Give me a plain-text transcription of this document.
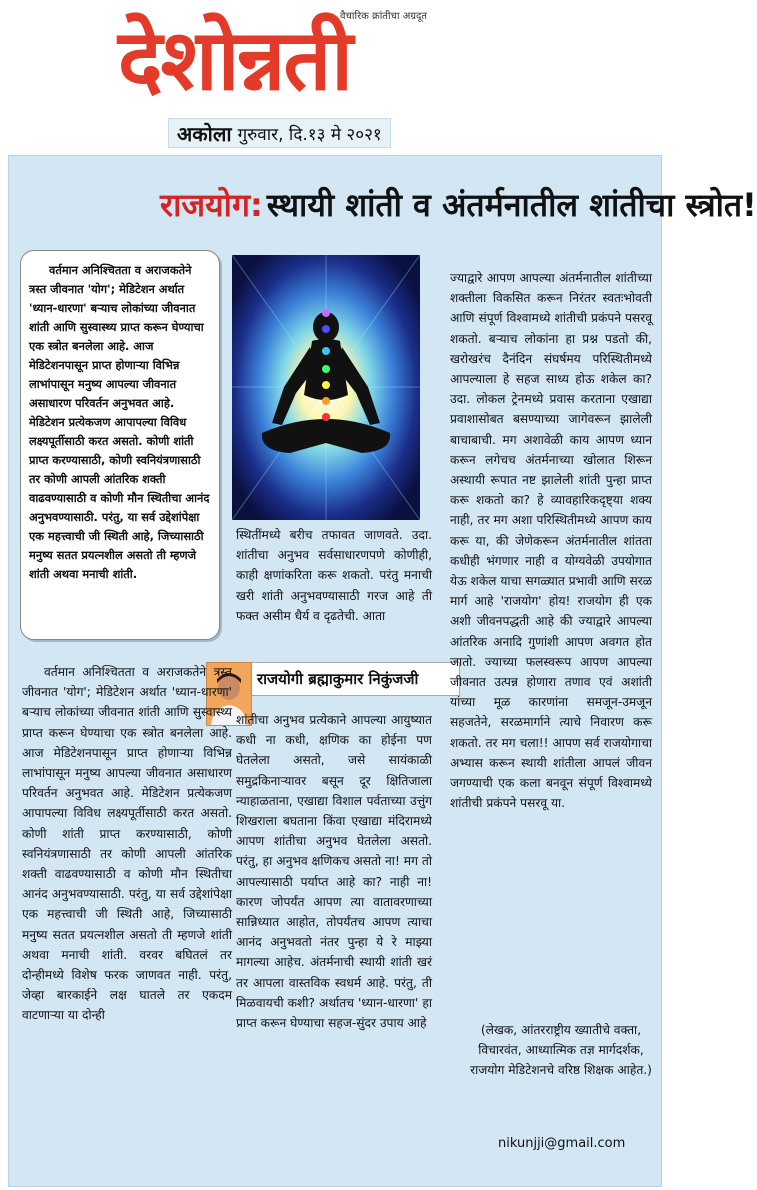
वैचारिक क्रांतीचा अग्रदूत
देशोन्नती
अकोला गुरुवार, दि.१३ मे २०२१
राजयोग: स्थायी शांती व अंतर्मनातील शांतीचा स्त्रोत!
वर्तमान अनिश्चितता व अराजकतेने त्रस्त जीवनात 'योग'; मेडिटेशन अर्थात 'ध्यान-धारणा' बऱ्याच लोकांच्या जीवनात शांती आणि सुस्वास्थ्य प्राप्त करून घेण्याचा एक स्त्रोत बनलेला आहे. आज मेडिटेशनपासून प्राप्त होणाऱ्या विभिन्न लाभांपासून मनुष्य आपल्या जीवनात असाधारण परिवर्तन अनुभवत आहे. मेडिटेशन प्रत्येकजण आपापल्या विविध लक्ष्यपूर्तीसाठी करत असतो. कोणी शांती प्राप्त करण्यासाठी, कोणी स्वनियंत्रणासाठी तर कोणी आपली आंतरिक शक्ती वाढवण्यासाठी व कोणी मौन स्थितीचा आनंद अनुभवण्यासाठी. परंतु, या सर्व उद्देशांपेक्षा एक महत्त्वाची जी स्थिती आहे, जिच्यासाठी मनुष्य सतत प्रयत्नशील असतो ती म्हणजे शांती अथवा मनाची शांती.
राजयोगी ब्रह्माकुमार निकुंजजी
वर्तमान अनिश्चितता व अराजकतेने त्रस्त जीवनात 'योग'; मेडिटेशन अर्थात 'ध्यान-धारणा' बऱ्याच लोकांच्या जीवनात शांती आणि सुस्वास्थ्य प्राप्त करून घेण्याचा एक स्त्रोत बनलेला आहे. आज मेडिटेशनपासून प्राप्त होणाऱ्या विभिन्न लाभांपासून मनुष्य आपल्या जीवनात असाधारण परिवर्तन अनुभवत आहे. मेडिटेशन प्रत्येकजण आपापल्या विविध लक्ष्यपूर्तीसाठी करत असतो. कोणी शांती प्राप्त करण्यासाठी, कोणी स्वनियंत्रणासाठी तर कोणी आपली आंतरिक शक्ती वाढवण्यासाठी व कोणी मौन स्थितीचा आनंद अनुभवण्यासाठी. परंतु, या सर्व उद्देशांपेक्षा एक महत्त्वाची जी स्थिती आहे, जिच्यासाठी मनुष्य सतत प्रयत्नशील असतो ती म्हणजे शांती अथवा मनाची शांती. वरवर बघितलं तर दोन्हीमध्ये विशेष फरक जाणवत नाही. परंतु, जेव्हा बारकाईने लक्ष घातले तर एकदम वाटणाऱ्या या दोन्ही
स्थितींमध्ये बरीच तफावत जाणवते. उदा. शांतीचा अनुभव सर्वसाधारणपणे कोणीही, काही क्षणांकरिता करू शकतो. परंतु मनाची खरी शांती अनुभवण्यासाठी गरज आहे ती फक्त असीम धैर्य व दृढतेची. आता
शांतीचा अनुभव प्रत्येकाने आपल्या आयुष्यात कधी ना कधी, क्षणिक का होईना पण घेतलेला असतो, जसे सायंकाळी समुद्रकिनाऱ्यावर बसून दूर क्षितिजाला न्याहाळताना, एखाद्या विशाल पर्वताच्या उत्तुंग शिखराला बघताना किंवा एखाद्या मंदिरामध्ये आपण शांतीचा अनुभव घेतलेला असतो. परंतु, हा अनुभव क्षणिकच असतो ना! मग तो आपल्यासाठी पर्याप्त आहे का? नाही ना! कारण जोपर्यंत आपण त्या वातावरणाच्या सान्निध्यात आहोत, तोपर्यंतच आपण त्याचा आनंद अनुभवतो नंतर पुन्हा ये रे माझ्या मागल्या आहेच. अंतर्मनाची स्थायी शांती खरं तर आपला वास्तविक स्वधर्म आहे. परंतु, ती मिळवायची कशी? अर्थातच 'ध्यान-धारणा' हा प्राप्त करून घेण्याचा सहज-सुंदर उपाय आहे
ज्याद्वारे आपण आपल्या अंतर्मनातील शांतीच्या शक्तीला विकसित करून निरंतर स्वतःभोवती आणि संपूर्ण विश्वामध्ये शांतीची प्रकंपने पसरवू शकतो. बऱ्याच लोकांना हा प्रश्न पडतो की, खरोखरंच दैनंदिन संघर्षमय परिस्थितीमध्ये आपल्याला हे सहज साध्य होऊ शकेल का? उदा. लोकल ट्रेनमध्ये प्रवास करताना एखाद्या प्रवाशासोबत बसण्याच्या जागेवरून झालेली बाचाबाची. मग अशावेळी काय आपण ध्यान करून लगेचच अंतर्मनाच्या खोलात शिरून अस्थायी रूपात नष्ट झालेली शांती पुन्हा प्राप्त करू शकतो का? हे व्यावहारिकदृष्ट्या शक्य नाही, तर मग अशा परिस्थितीमध्ये आपण काय करू या, की जेणेकरून अंतर्मनातील शांतता कधीही भंगणार नाही व योग्यवेळी उपयोगात येऊ शकेल याचा सगळ्यात प्रभावी आणि सरळ मार्ग आहे 'राजयोग' होय! राजयोग ही एक अशी जीवनपद्धती आहे की ज्याद्वारे आपल्या आंतरिक अनादि गुणांशी आपण अवगत होत जातो. ज्याच्या फलस्वरूप आपण आपल्या जीवनात उत्पन्न होणारा तणाव एवं अशांती यांच्या मूळ कारणांना समजून-उमजून सहजतेने, सरळमार्गाने त्याचे निवारण करू शकतो. तर मग चला!! आपण सर्व राजयोगाचा अभ्यास करून स्थायी शांतीला आपलं जीवन जगण्याची एक कला बनवून संपूर्ण विश्वामध्ये शांतीची प्रकंपने पसरवू या.
(लेखक, आंतरराष्ट्रीय ख्यातीचे वक्ता, विचारवंत, आध्यात्मिक तज्ञ मार्गदर्शक, राजयोग मेडिटेशनचे वरिष्ठ शिक्षक आहेत.)
nikunjji@gmail.com
